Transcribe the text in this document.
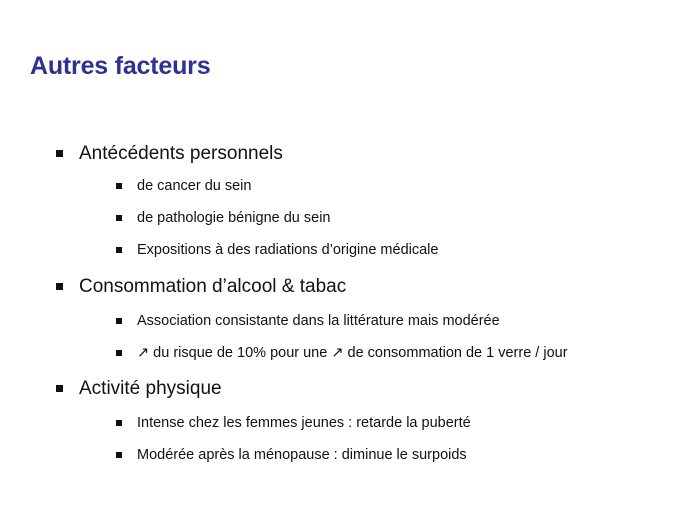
Autres facteurs
Antécédents personnels
de cancer du sein
de pathologie bénigne du sein
Expositions à des radiations d’origine médicale
Consommation d’alcool & tabac
Association consistante dans la littérature mais modérée
↗ du risque de 10% pour une ↗ de consommation de 1 verre / jour
Activité physique
Intense chez les femmes jeunes : retarde la puberté
Modérée après la ménopause : diminue le surpoids
